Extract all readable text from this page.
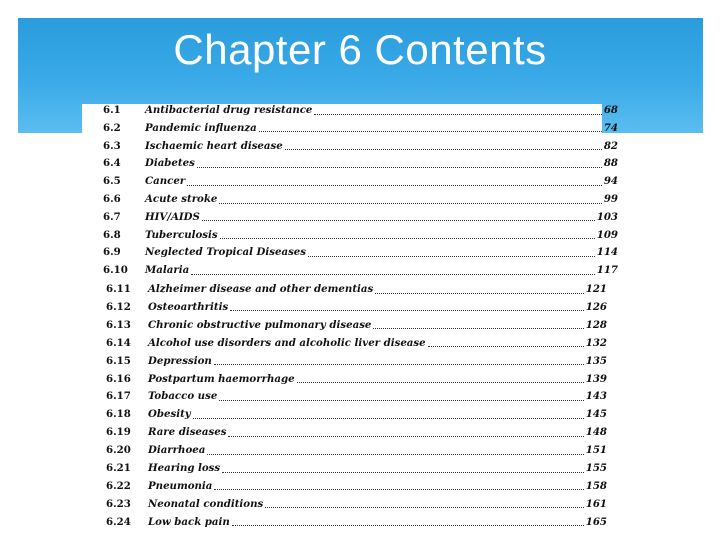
Chapter 6 Contents
6.1	Antibacterial drug resistance	68
6.2	Pandemic influenza	74
6.3	Ischaemic heart disease	82
6.4	Diabetes	88
6.5	Cancer	94
6.6	Acute stroke	99
6.7	HIV/AIDS	103
6.8	Tuberculosis	109
6.9	Neglected Tropical Diseases	114
6.10	Malaria	117
6.11	Alzheimer disease and other dementias	121
6.12	Osteoarthritis	126
6.13	Chronic obstructive pulmonary disease	128
6.14	Alcohol use disorders and alcoholic liver disease	132
6.15	Depression	135
6.16	Postpartum haemorrhage	139
6.17	Tobacco use	143
6.18	Obesity	145
6.19	Rare diseases	148
6.20	Diarrhoea	151
6.21	Hearing loss	155
6.22	Pneumonia	158
6.23	Neonatal conditions	161
6.24	Low back pain	165
